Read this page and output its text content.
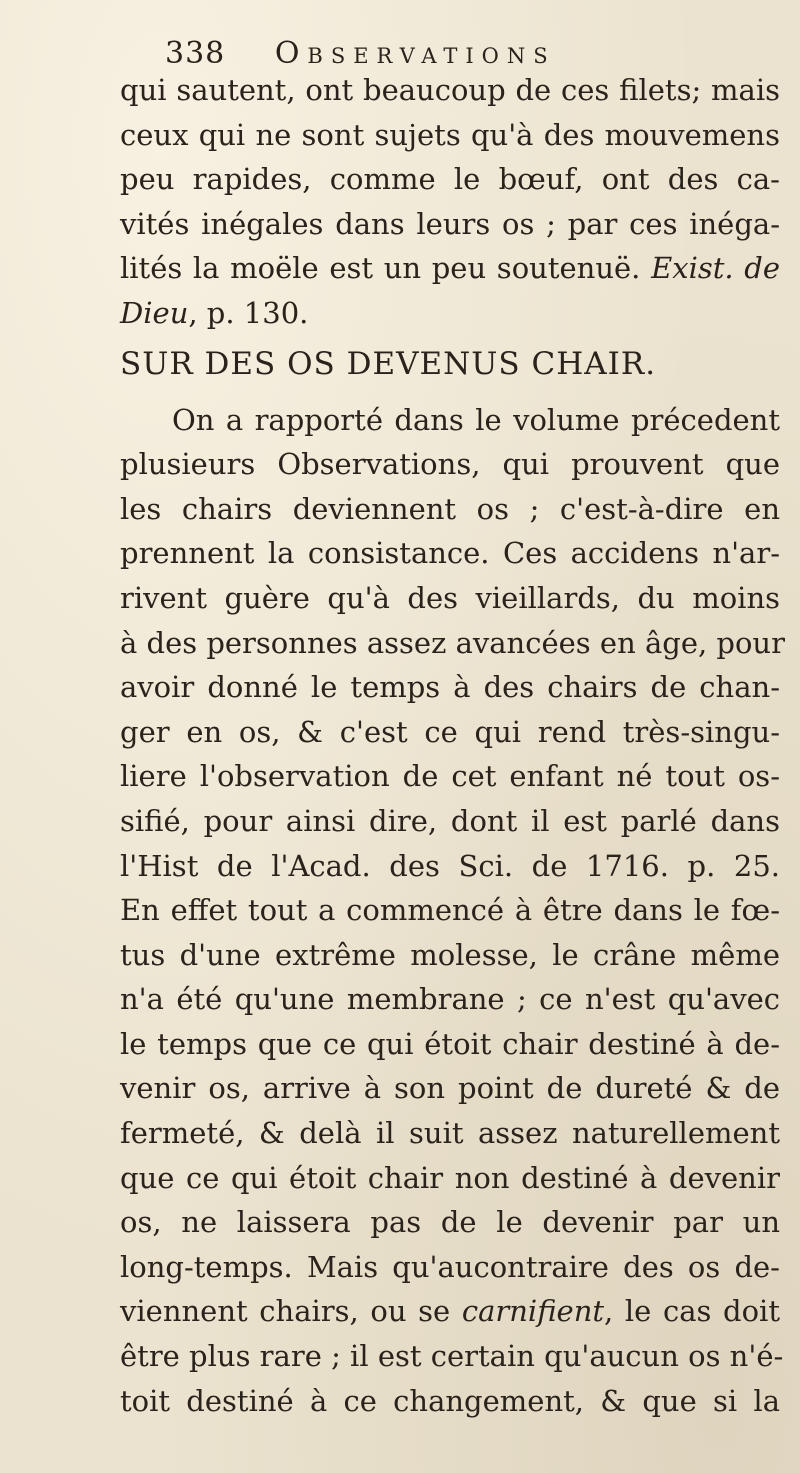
338 Observations
qui sautent, ont beaucoup de ces filets; mais
ceux qui ne sont sujets qu'à des mouvemens
peu rapides, comme le bœuf, ont des ca-
vités inégales dans leurs os ; par ces inéga-
lités la moële est un peu soutenuë. Exist. de
Dieu, p. 130.
SUR DES OS DEVENUS CHAIR.
On a rapporté dans le volume précedent
plusieurs Observations, qui prouvent que
les chairs deviennent os ; c'est-à-dire en
prennent la consistance. Ces accidens n'ar-
rivent guère qu'à des vieillards, du moins
à des personnes assez avancées en âge, pour
avoir donné le temps à des chairs de chan-
ger en os, & c'est ce qui rend très-singu-
liere l'observation de cet enfant né tout os-
sifié, pour ainsi dire, dont il est parlé dans
l'Hist de l'Acad. des Sci. de 1716. p. 25.
En effet tout a commencé à être dans le fœ-
tus d'une extrême molesse, le crâne même
n'a été qu'une membrane ; ce n'est qu'avec
le temps que ce qui étoit chair destiné à de-
venir os, arrive à son point de dureté & de
fermeté, & delà il suit assez naturellement
que ce qui étoit chair non destiné à devenir
os, ne laissera pas de le devenir par un
long-temps. Mais qu'aucontraire des os de-
viennent chairs, ou se carnifient, le cas doit
être plus rare ; il est certain qu'aucun os n'é-
toit destiné à ce changement, & que si la
